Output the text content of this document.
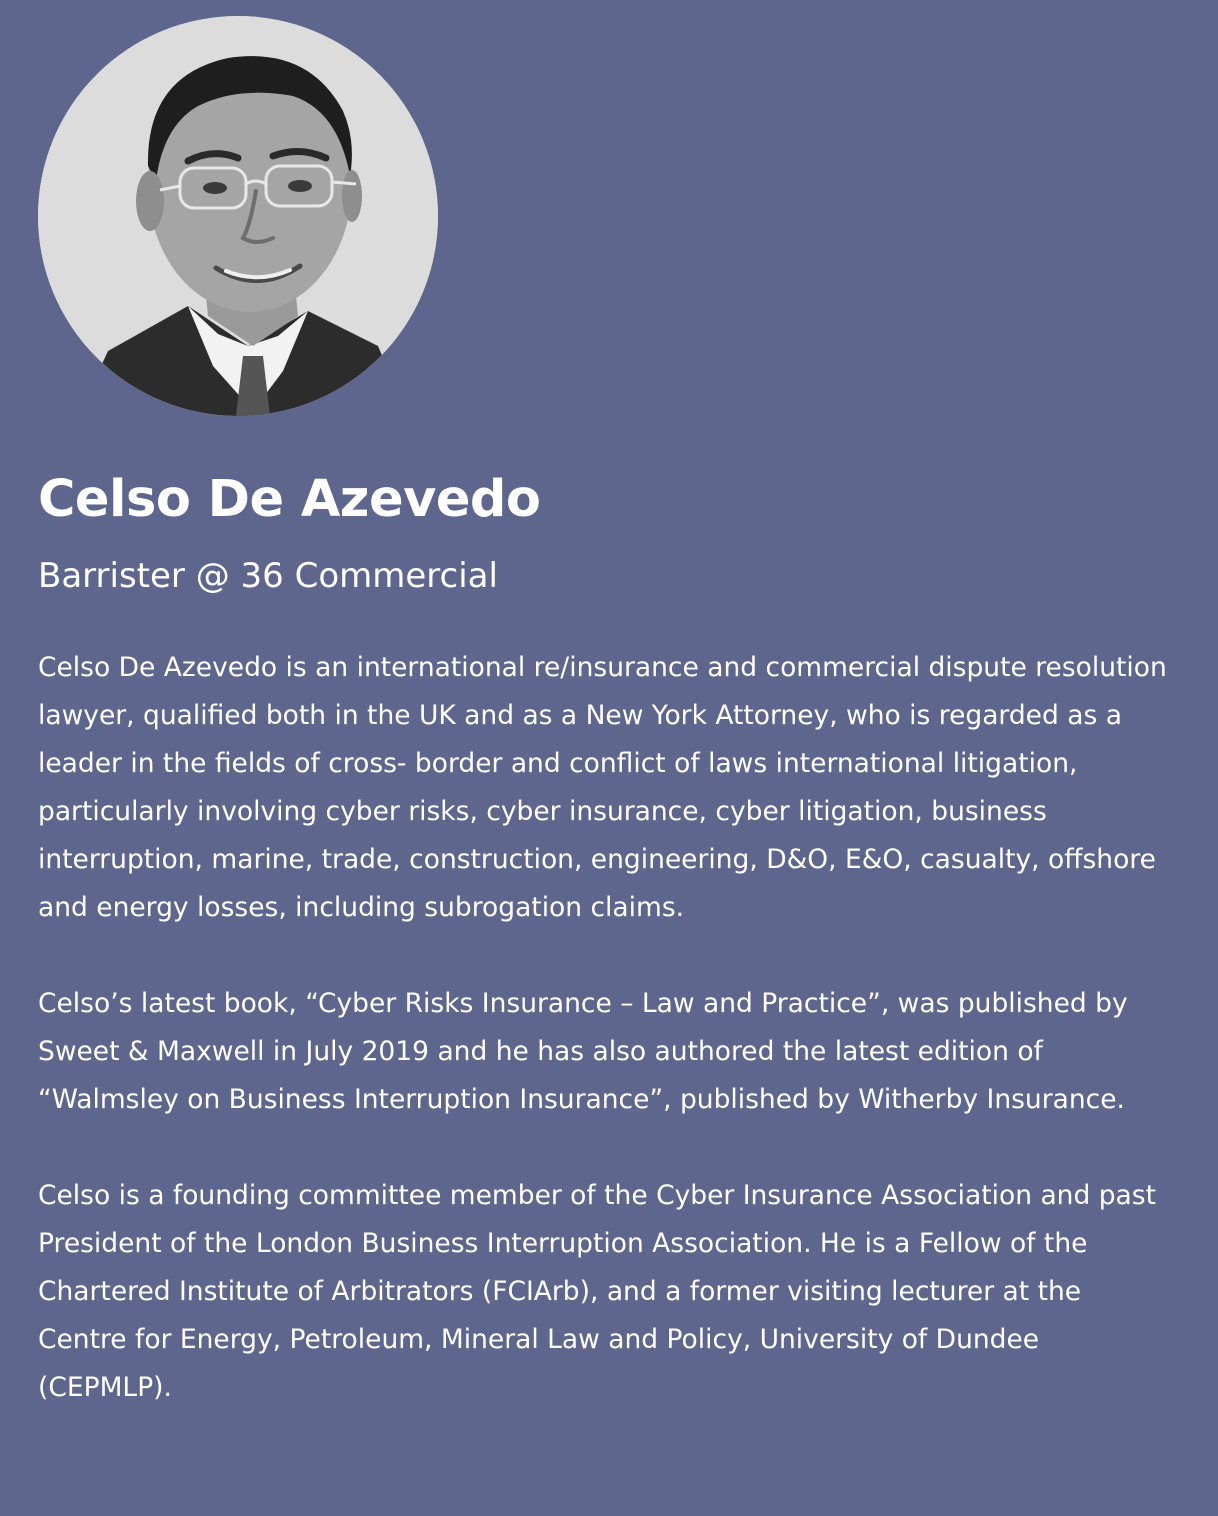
Celso De Azevedo
Barrister @ 36 Commercial

Celso De Azevedo is an international re/insurance and commercial dispute resolution lawyer, qualified both in the UK and as a New York Attorney, who is regarded as a leader in the fields of cross- border and conflict of laws international litigation, particularly involving cyber risks, cyber insurance, cyber litigation, business interruption, marine, trade, construction, engineering, D&O, E&O, casualty, offshore and energy losses, including subrogation claims.

Celso’s latest book, “Cyber Risks Insurance – Law and Practice”, was published by Sweet & Maxwell in July 2019 and he has also authored the latest edition of “Walmsley on Business Interruption Insurance”, published by Witherby Insurance.

Celso is a founding committee member of the Cyber Insurance Association and past President of the London Business Interruption Association. He is a Fellow of the Chartered Institute of Arbitrators (FCIArb), and a former visiting lecturer at the Centre for Energy, Petroleum, Mineral Law and Policy, University of Dundee (CEPMLP).
